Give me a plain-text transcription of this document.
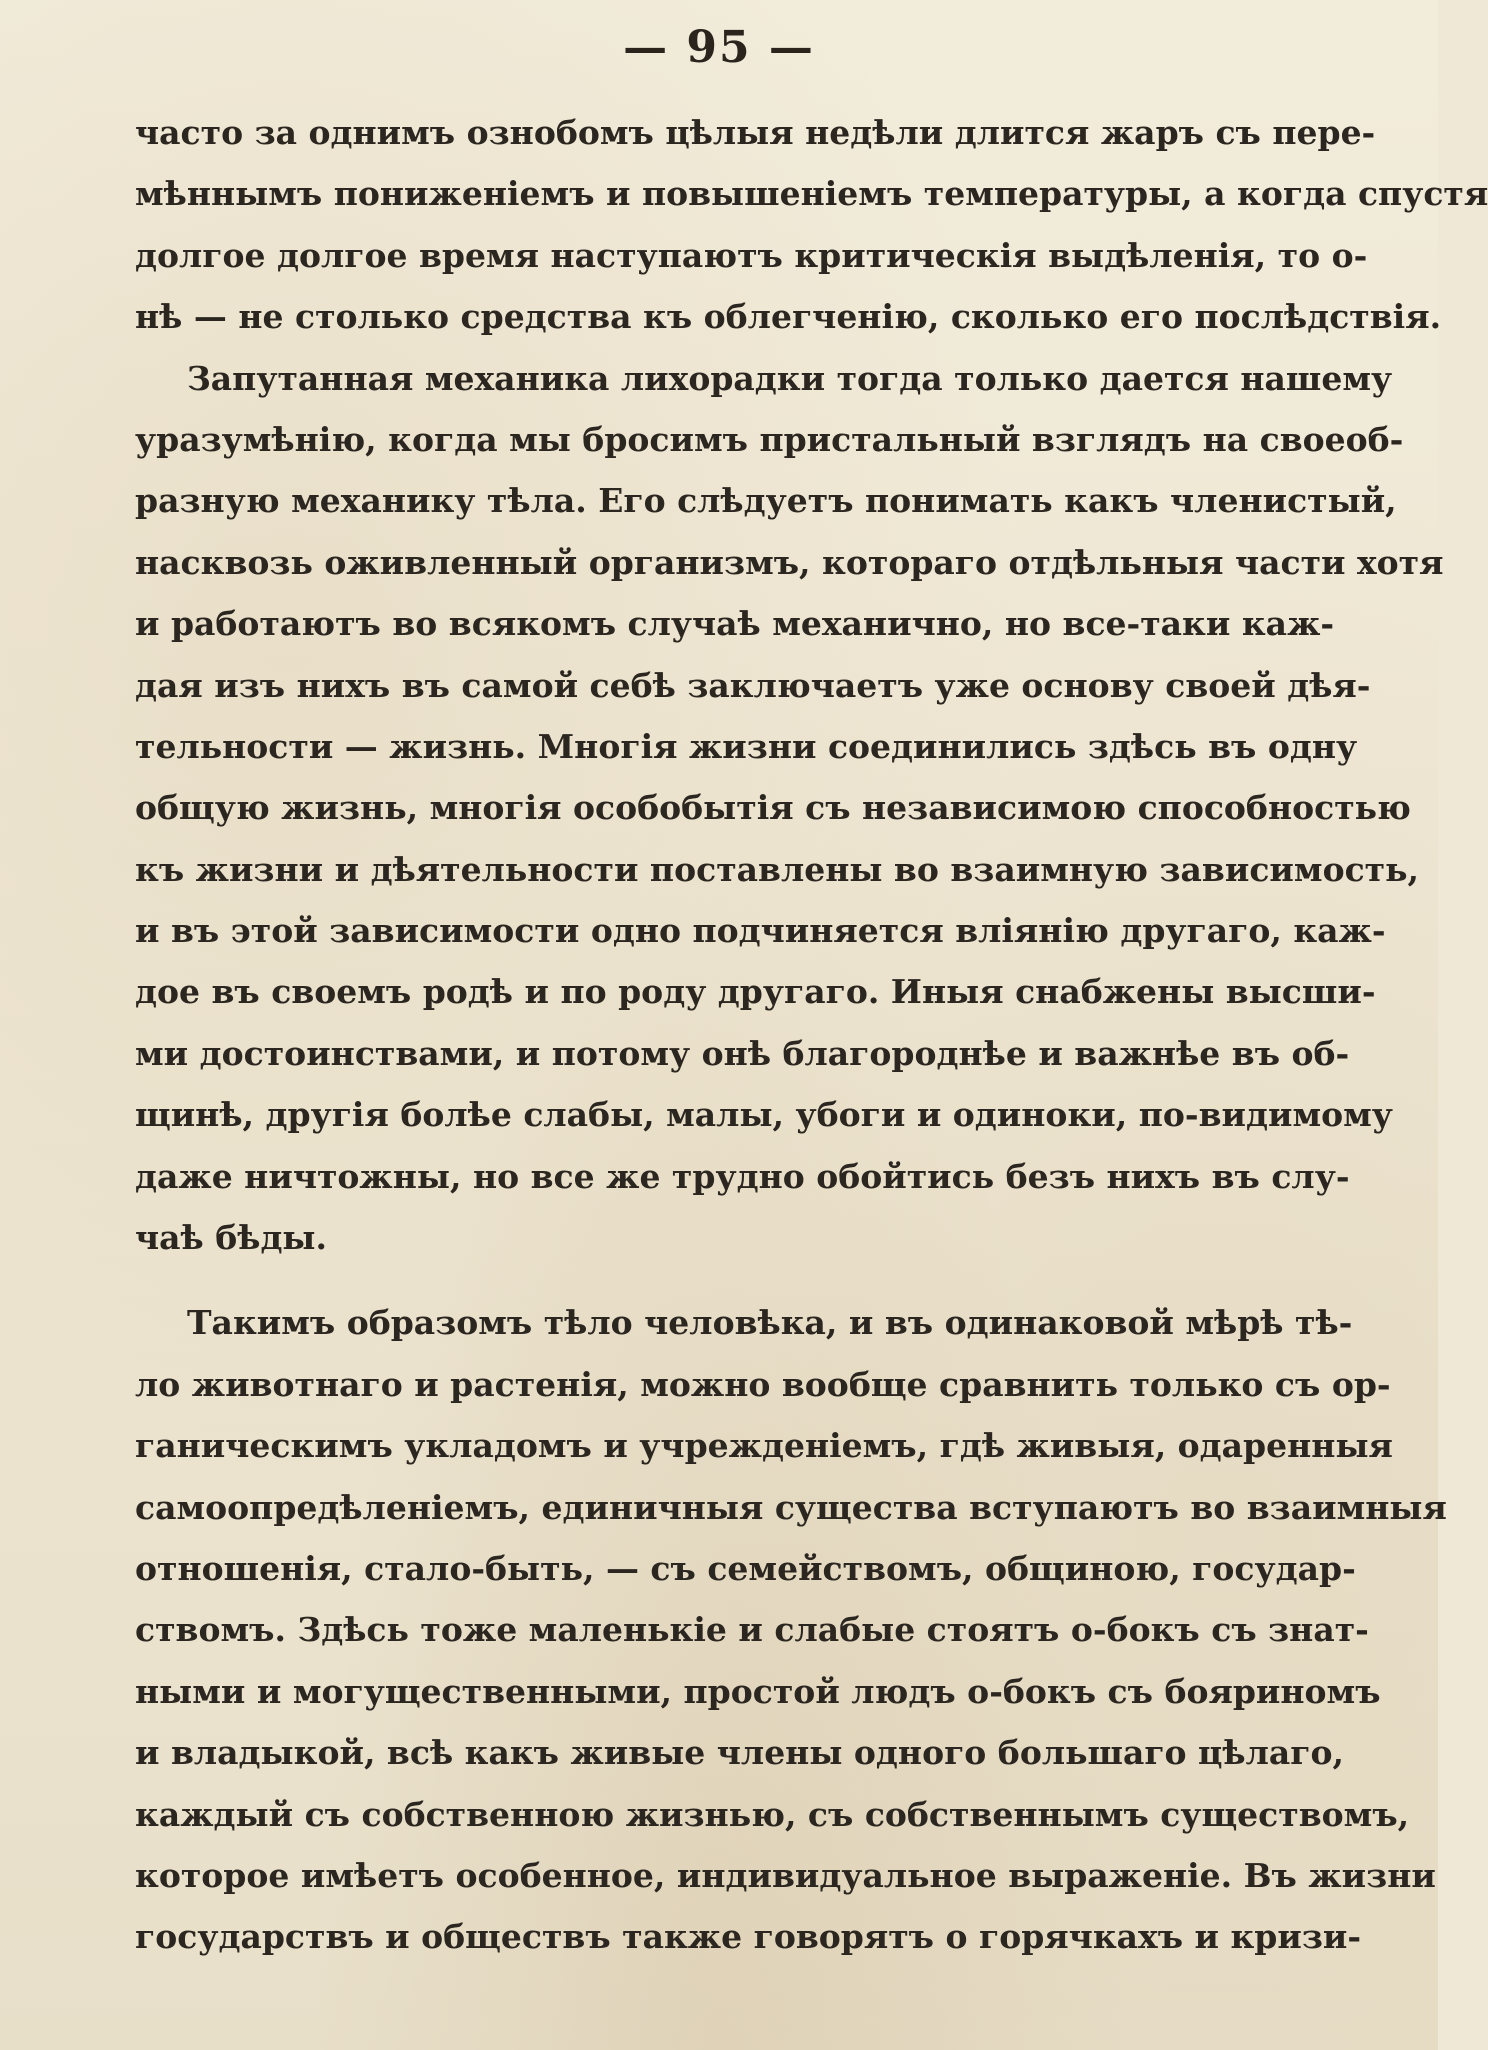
— 95 —
часто за однимъ ознобомъ цѣлыя недѣли длится жаръ съ пере-
мѣннымъ пониженіемъ и повышеніемъ температуры, а когда спустя
долгое долгое время наступаютъ критическія выдѣленія, то о-
нѣ — не столько средства къ облегченію, сколько его послѣдствія.
Запутанная механика лихорадки тогда только дается нашему
уразумѣнію, когда мы бросимъ пристальный взглядъ на своеоб-
разную механику тѣла. Его слѣдуетъ понимать какъ членистый,
насквозь оживленный организмъ, котораго отдѣльныя части хотя
и работаютъ во всякомъ случаѣ механично, но все-таки каж-
дая изъ нихъ въ самой себѣ заключаетъ уже основу своей дѣя-
тельности — жизнь. Многія жизни соединились здѣсь въ одну
общую жизнь, многія особобытія съ независимою способностью
къ жизни и дѣятельности поставлены во взаимную зависимость,
и въ этой зависимости одно подчиняется вліянію другаго, каж-
дое въ своемъ родѣ и по роду другаго. Иныя снабжены высши-
ми достоинствами, и потому онѣ благороднѣе и важнѣе въ об-
щинѣ, другія болѣе слабы, малы, убоги и одиноки, по-видимому
даже ничтожны, но все же трудно обойтись безъ нихъ въ слу-
чаѣ бѣды.
Такимъ образомъ тѣло человѣка, и въ одинаковой мѣрѣ тѣ-
ло животнаго и растенія, можно вообще сравнить только съ ор-
ганическимъ укладомъ и учрежденіемъ, гдѣ живыя, одаренныя
самоопредѣленіемъ, единичныя существа вступаютъ во взаимныя
отношенія, стало-быть, — съ семействомъ, общиною, государ-
ствомъ. Здѣсь тоже маленькіе и слабые стоятъ о-бокъ съ знат-
ными и могущественными, простой людъ о-бокъ съ бояриномъ
и владыкой, всѣ какъ живые члены одного большаго цѣлаго,
каждый съ собственною жизнью, съ собственнымъ существомъ,
которое имѣетъ особенное, индивидуальное выраженіе. Въ жизни
государствъ и обществъ также говорятъ о горячкахъ и кризи-
